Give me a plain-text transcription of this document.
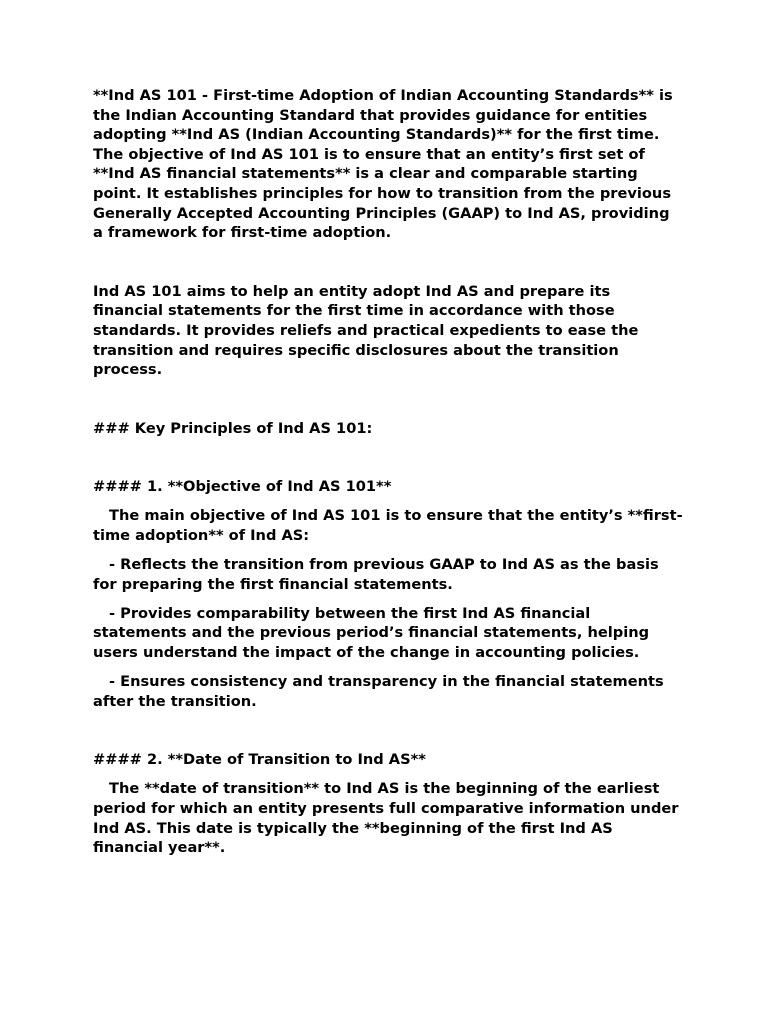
**Ind AS 101 - First-time Adoption of Indian Accounting Standards** is the Indian Accounting Standard that provides guidance for entities adopting **Ind AS (Indian Accounting Standards)** for the first time. The objective of Ind AS 101 is to ensure that an entity’s first set of **Ind AS financial statements** is a clear and comparable starting point. It establishes principles for how to transition from the previous Generally Accepted Accounting Principles (GAAP) to Ind AS, providing a framework for first-time adoption.

Ind AS 101 aims to help an entity adopt Ind AS and prepare its financial statements for the first time in accordance with those standards. It provides reliefs and practical expedients to ease the transition and requires specific disclosures about the transition process.

### Key Principles of Ind AS 101:

#### 1. **Objective of Ind AS 101**

The main objective of Ind AS 101 is to ensure that the entity’s **first-time adoption** of Ind AS:

- Reflects the transition from previous GAAP to Ind AS as the basis for preparing the first financial statements.

- Provides comparability between the first Ind AS financial statements and the previous period’s financial statements, helping users understand the impact of the change in accounting policies.

- Ensures consistency and transparency in the financial statements after the transition.

#### 2. **Date of Transition to Ind AS**

The **date of transition** to Ind AS is the beginning of the earliest period for which an entity presents full comparative information under Ind AS. This date is typically the **beginning of the first Ind AS financial year**.
